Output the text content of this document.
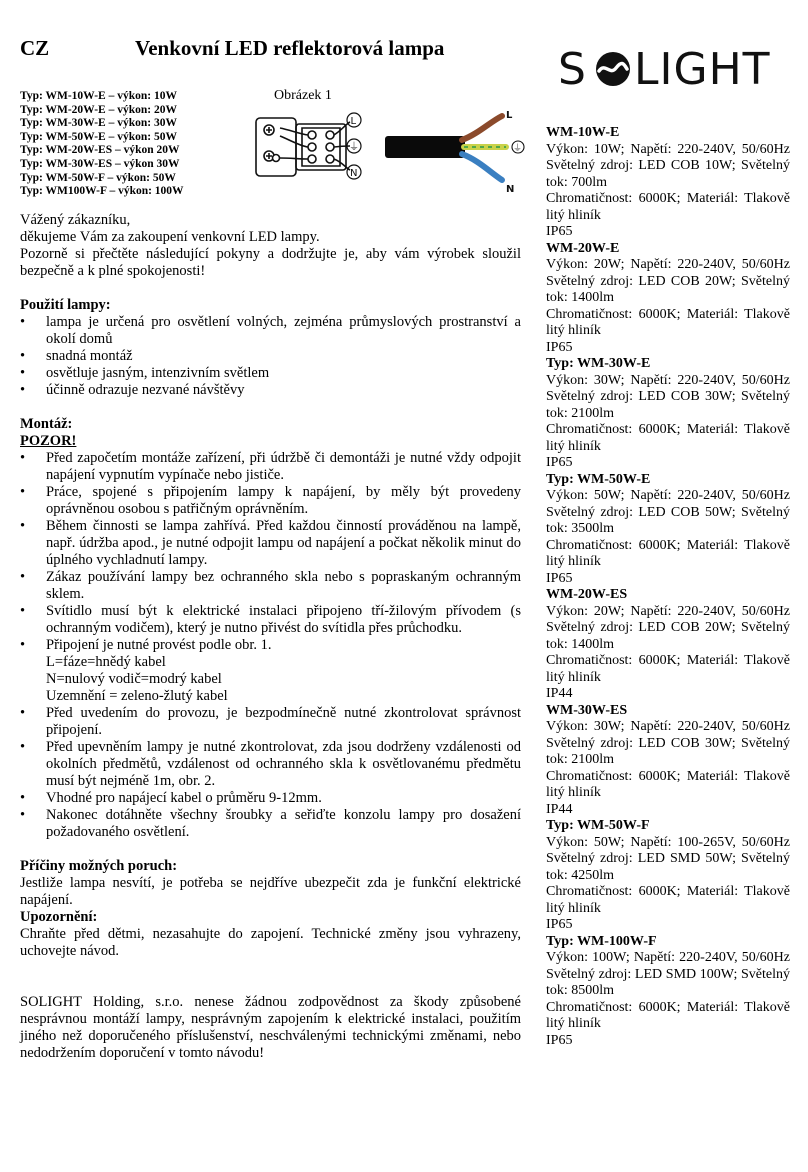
CZ	Venkovní LED reflektorová lampa	S LIGHT
Typ: WM-10W-E – výkon: 10W
Typ: WM-20W-E – výkon: 20W
Typ: WM-30W-E – výkon: 30W
Typ: WM-50W-E – výkon: 50W
Typ: WM-20W-ES – výkon 20W
Typ: WM-30W-ES – výkon 30W
Typ: WM-50W-F – výkon: 50W
Typ: WM100W-F – výkon: 100W
Obrázek 1
L
⏚
N
L
⏚
N

Vážený zákazníku,

děkujeme Vám za zakoupení venkovní LED lampy.

Pozorně si přečtěte následující pokyny a dodržujte je, aby vám výrobek sloužil bezpečně a k plné spokojenosti!

Použití lampy:

• lampa je určená pro osvětlení volných, zejména průmyslových prostranství a okolí domů
• snadná montáž
• osvětluje jasným, intenzivním světlem
• účinně odrazuje nezvané návštěvy

Montáž:

POZOR!

• Před započetím montáže zařízení, při údržbě či demontáži je nutné vždy odpojit napájení vypnutím vypínače nebo jističe.
• Práce, spojené s připojením lampy k napájení, by měly být provedeny oprávněnou osobou s patřičným oprávněním.
• Během činnosti se lampa zahřívá. Před každou činností prováděnou na lampě, např. údržba apod., je nutné odpojit lampu od napájení a počkat několik minut do úplného vychladnutí lampy.
• Zákaz používání lampy bez ochranného skla nebo s popraskaným ochranným sklem.
• Svítidlo musí být k elektrické instalaci připojeno tří-žilovým přívodem (s ochranným vodičem), který je nutno přivést do svítidla přes průchodku.
• Připojení je nutné provést podle obr. 1.
L=fáze=hnědý kabel
N=nulový vodič=modrý kabel
Uzemnění = zeleno-žlutý kabel
• Před uvedením do provozu, je bezpodmínečně nutné zkontrolovat správnost připojení.
• Před upevněním lampy je nutné zkontrolovat, zda jsou dodrženy vzdálenosti od okolních předmětů, vzdálenost od ochranného skla k osvětlovanému předmětu musí být nejméně 1m, obr. 2.
• Vhodné pro napájecí kabel o průměru 9-12mm.
• Nakonec dotáhněte všechny šroubky a seřiďte konzolu lampy pro dosažení požadovaného osvětlení.

Příčiny možných poruch:

Jestliže lampa nesvítí, je potřeba se nejdříve ubezpečit zda je funkční elektrické napájení.

Upozornění:

Chraňte před dětmi, nezasahujte do zapojení. Technické změny jsou vyhrazeny, uchovejte návod.

SOLIGHT Holding, s.r.o. nenese žádnou zodpovědnost za škody způsobené nesprávnou montáží lampy, nesprávným zapojením k elektrické instalaci, použitím jiného než doporučeného příslušenství, neschválenými technickými změnami, nebo nedodržením doporučení v tomto návodu!

WM-10W-E
Výkon: 10W; Napětí: 220-240V, 50/60Hz Světelný zdroj: LED COB 10W; Světelný tok: 700lm
Chromatičnost: 6000K; Materiál: Tlakově litý hliník
IP65
WM-20W-E
Výkon: 20W; Napětí: 220-240V, 50/60Hz Světelný zdroj: LED COB 20W; Světelný tok: 1400lm
Chromatičnost: 6000K; Materiál: Tlakově litý hliník
IP65
Typ: WM-30W-E
Výkon: 30W; Napětí: 220-240V, 50/60Hz Světelný zdroj: LED COB 30W; Světelný tok: 2100lm
Chromatičnost: 6000K; Materiál: Tlakově litý hliník
IP65
Typ: WM-50W-E
Výkon: 50W; Napětí: 220-240V, 50/60Hz Světelný zdroj: LED COB 50W; Světelný tok: 3500lm
Chromatičnost: 6000K; Materiál: Tlakově litý hliník
IP65
WM-20W-ES
Výkon: 20W; Napětí: 220-240V, 50/60Hz Světelný zdroj: LED COB 20W; Světelný tok: 1400lm
Chromatičnost: 6000K; Materiál: Tlakově litý hliník
IP44
WM-30W-ES
Výkon: 30W; Napětí: 220-240V, 50/60Hz Světelný zdroj: LED COB 30W; Světelný tok: 2100lm
Chromatičnost: 6000K; Materiál: Tlakově litý hliník
IP44
Typ: WM-50W-F
Výkon: 50W; Napětí: 100-265V, 50/60Hz Světelný zdroj: LED SMD 50W; Světelný tok: 4250lm
Chromatičnost: 6000K; Materiál: Tlakově litý hliník
IP65
Typ: WM-100W-F
Výkon: 100W; Napětí: 220-240V, 50/60Hz Světelný zdroj: LED SMD 100W; Světelný tok: 8500lm
Chromatičnost: 6000K; Materiál: Tlakově litý hliník
IP65
